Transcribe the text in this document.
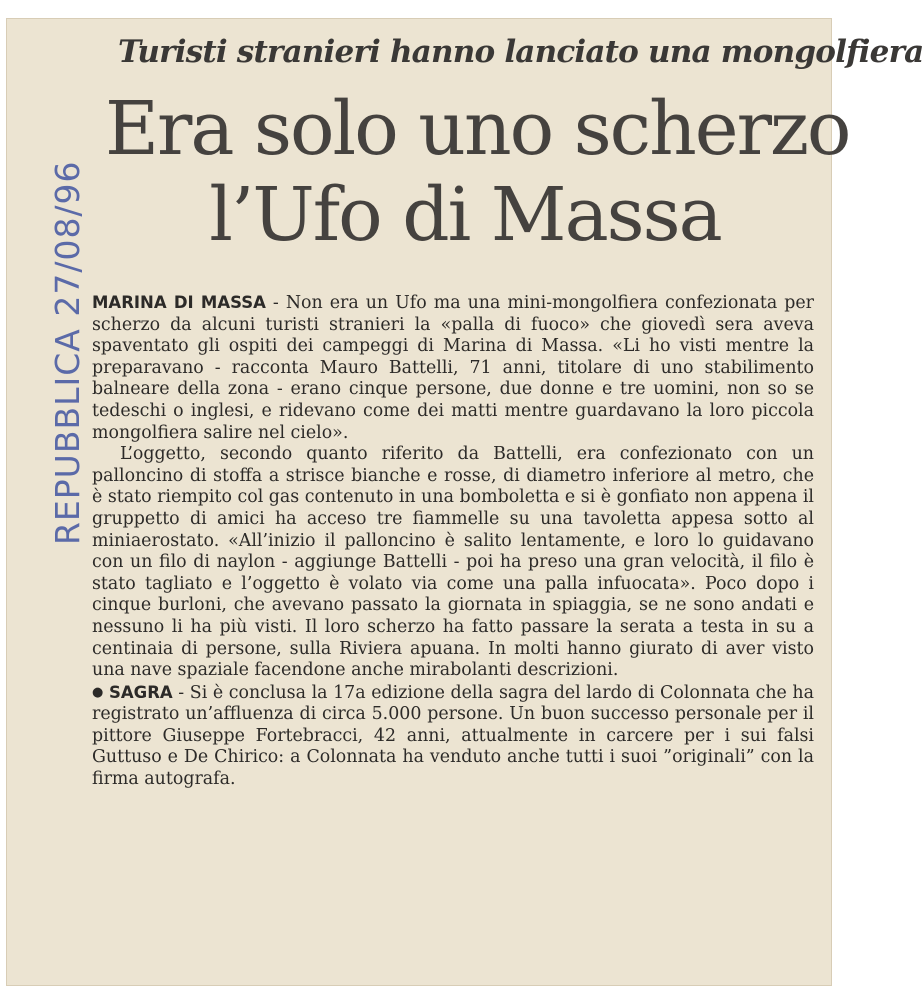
Turisti stranieri hanno lanciato una mongolfiera
Era solo uno scherzo
l’Ufo di Massa
REPUBBLICA 27/08/96 MARINA DI MASSA - Non era un Ufo ma una mini-mongolfiera confezionata per scherzo da alcuni turisti stranieri la «palla di fuoco» che giovedì sera aveva spaventato gli ospiti dei campeggi di Marina di Massa. «Li ho visti mentre la preparavano - racconta Mauro Battelli, 71 anni, titolare di uno stabilimento balneare della zona - erano cinque persone, due donne e tre uomini, non so se tedeschi o inglesi, e ridevano come dei matti mentre guardavano la loro piccola mongolfiera salire nel cielo».

L’oggetto, secondo quanto riferito da Battelli, era confezionato con un palloncino di stoffa a strisce bianche e rosse, di diametro inferiore al metro, che è stato riempito col gas contenuto in una bomboletta e si è gonfiato non appena il gruppetto di amici ha acceso tre fiammelle su una tavoletta appesa sotto al miniaerostato. «All’inizio il palloncino è salito lentamente, e loro lo guidavano con un filo di naylon - aggiunge Battelli - poi ha preso una gran velocità, il filo è stato tagliato e l’oggetto è volato via come una palla infuocata». Poco dopo i cinque burloni, che avevano passato la giornata in spiaggia, se ne sono andati e nessuno li ha più visti. Il loro scherzo ha fatto passare la serata a testa in su a centinaia di persone, sulla Riviera apuana. In molti hanno giurato di aver visto una nave spaziale facendone anche mirabolanti descrizioni.

● SAGRA - Si è conclusa la 17a edizione della sagra del lardo di Colonnata che ha registrato un’affluenza di circa 5.000 persone. Un buon successo personale per il pittore Giuseppe Fortebracci, 42 anni, attualmente in carcere per i sui falsi Guttuso e De Chirico: a Colonnata ha venduto anche tutti i suoi ”originali” con la firma autografa.
